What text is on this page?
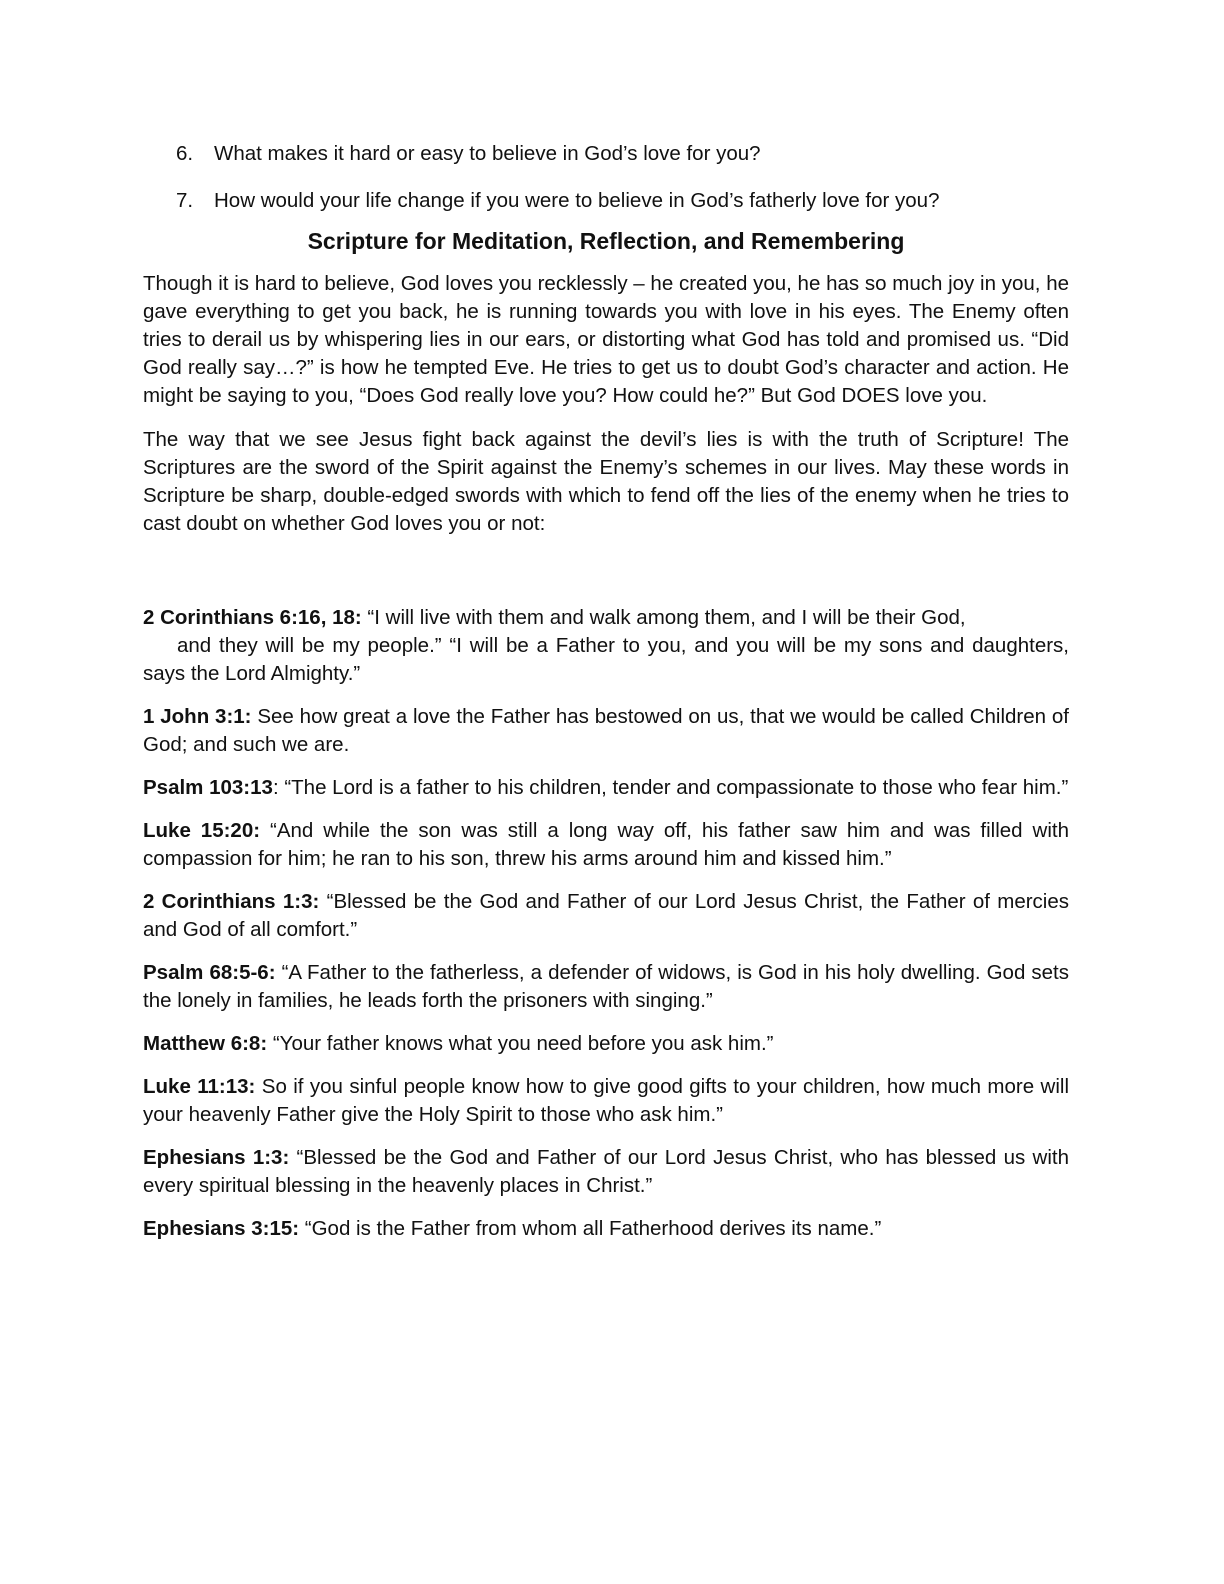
6.	What makes it hard or easy to believe in God’s love for you?
7.	How would your life change if you were to believe in God’s fatherly love for you?
Scripture for Meditation, Reflection, and Remembering

Though it is hard to believe, God loves you recklessly – he created you, he has so much joy in you, he gave everything to get you back, he is running towards you with love in his eyes. The Enemy often tries to derail us by whispering lies in our ears, or distorting what God has told and promised us. “Did God really say…?” is how he tempted Eve. He tries to get us to doubt God’s character and action. He might be saying to you, “Does God really love you? How could he?” But God DOES love you.

The way that we see Jesus fight back against the devil’s lies is with the truth of Scripture! The Scriptures are the sword of the Spirit against the Enemy’s schemes in our lives. May these words in Scripture be sharp, double-edged swords with which to fend off the lies of the enemy when he tries to cast doubt on whether God loves you or not:

2 Corinthians 6:16, 18: “I will live with them and walk among them, and I will be their God,
and they will be my people.” “I will be a Father to you, and you will be my sons and daughters, says the Lord Almighty.”

1 John 3:1: See how great a love the Father has bestowed on us, that we would be called Children of God; and such we are.

Psalm 103:13: “The Lord is a father to his children, tender and compassionate to those who fear him.”

Luke 15:20: “And while the son was still a long way off, his father saw him and was filled with compassion for him; he ran to his son, threw his arms around him and kissed him.”

2 Corinthians 1:3: “Blessed be the God and Father of our Lord Jesus Christ, the Father of mercies and God of all comfort.”

Psalm 68:5-6: “A Father to the fatherless, a defender of widows, is God in his holy dwelling. God sets the lonely in families, he leads forth the prisoners with singing.”

Matthew 6:8: “Your father knows what you need before you ask him.”

Luke 11:13: So if you sinful people know how to give good gifts to your children, how much more will your heavenly Father give the Holy Spirit to those who ask him.”

Ephesians 1:3: “Blessed be the God and Father of our Lord Jesus Christ, who has blessed us with every spiritual blessing in the heavenly places in Christ.”

Ephesians 3:15: “God is the Father from whom all Fatherhood derives its name.”
